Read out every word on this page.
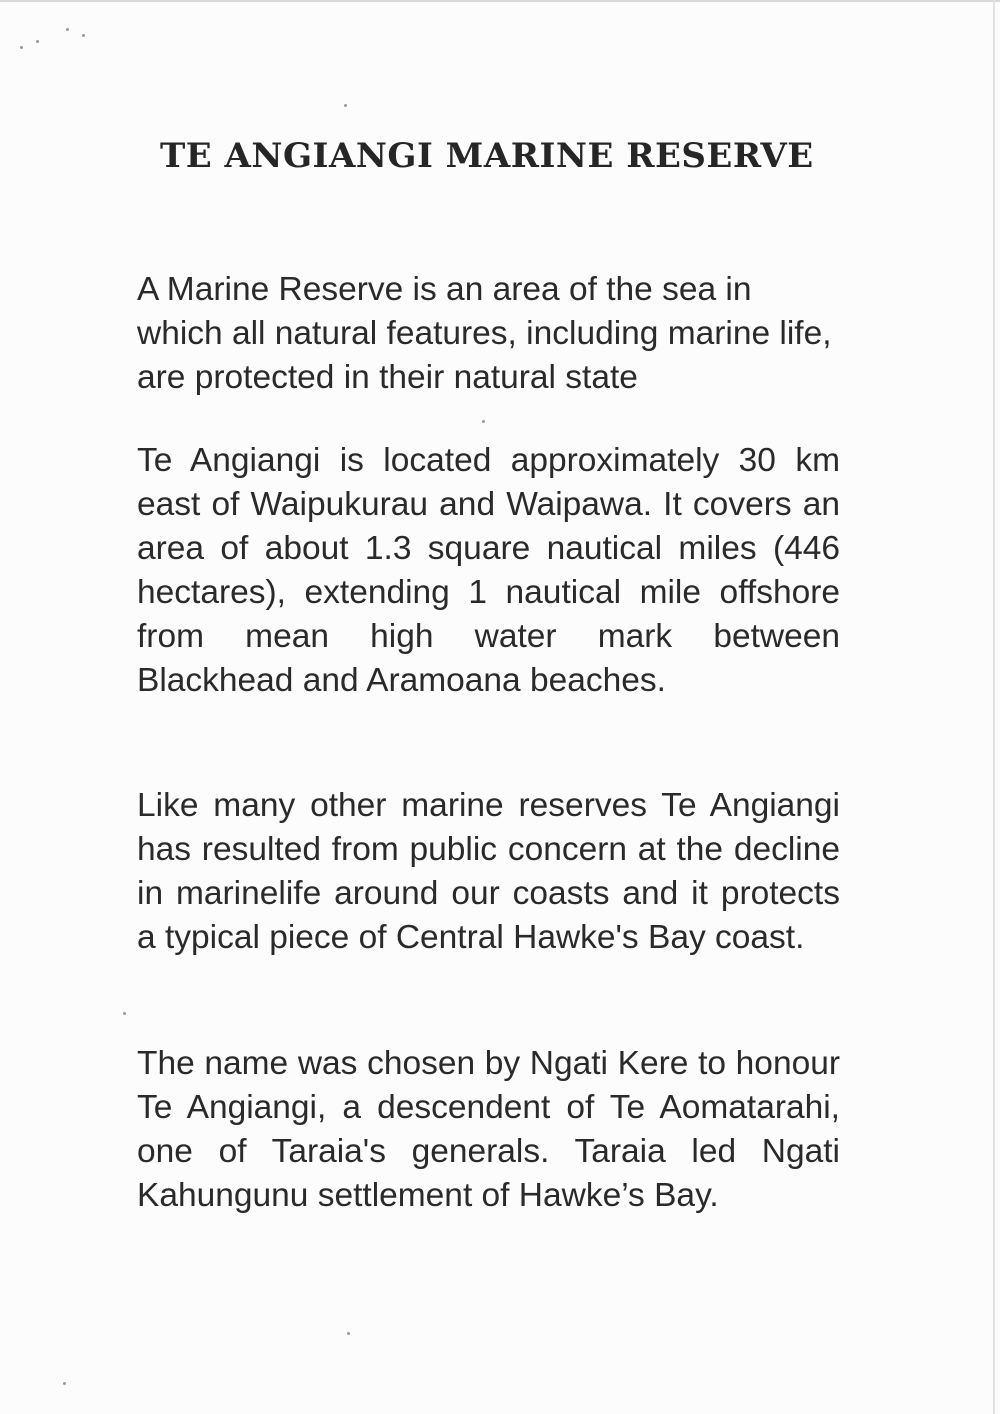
TE ANGIANGI MARINE RESERVE

A Marine Reserve is an area of the sea in which all natural features, including marine life, are protected in their natural state

Te Angiangi is located approximately 30 km east of Waipukurau and Waipawa. It covers an area of about 1.3 square nautical miles (446 hectares), extending 1 nautical mile offshore from mean high water mark between Blackhead and Aramoana beaches.

Like many other marine reserves Te Angiangi has resulted from public concern at the decline in marinelife around our coasts and it protects a typical piece of Central Hawke's Bay coast.

The name was chosen by Ngati Kere to honour Te Angiangi, a descendent of Te Aomatarahi, one of Taraia's generals. Taraia led Ngati Kahungunu settlement of Hawke’s Bay.
